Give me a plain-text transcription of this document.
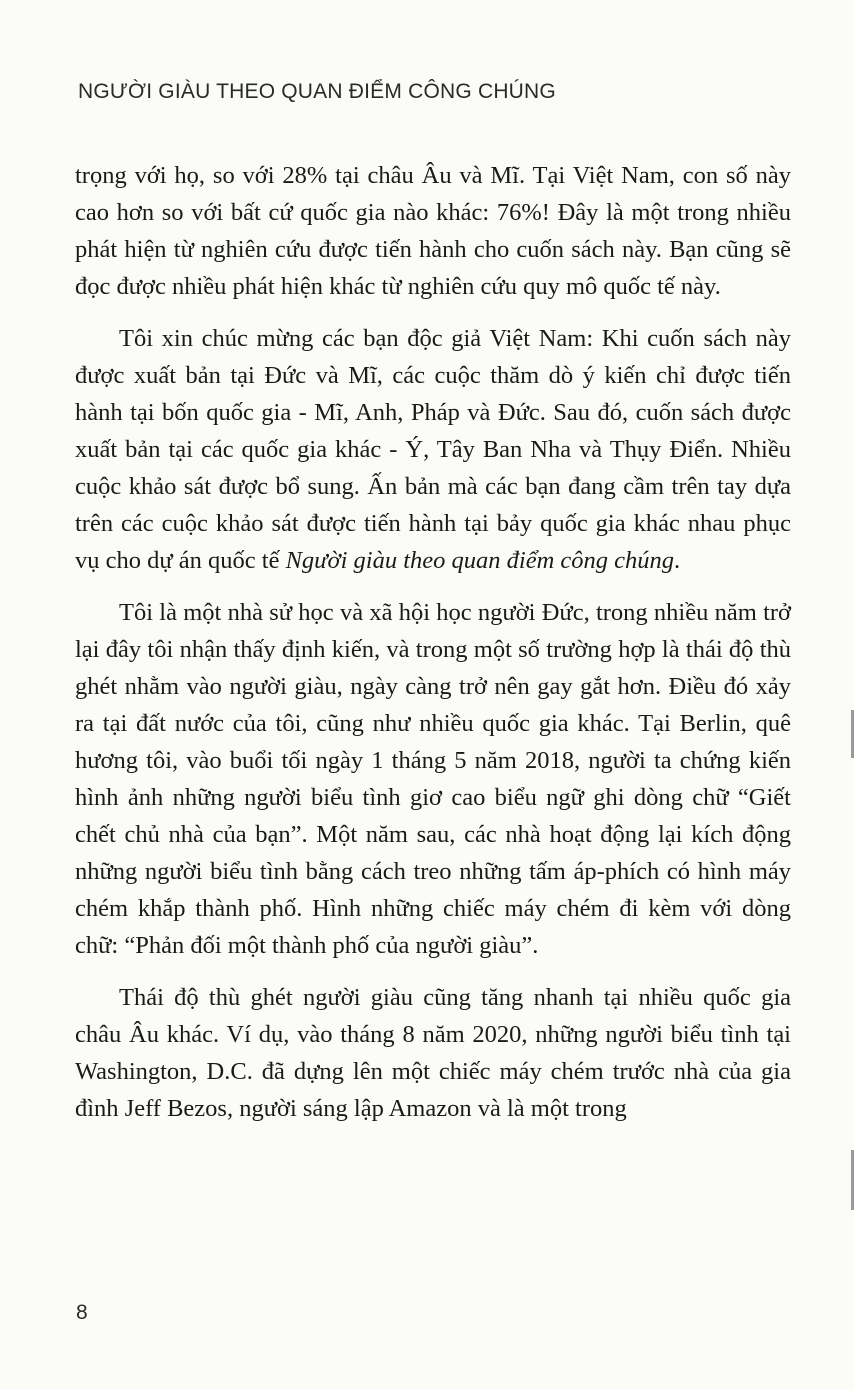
NGƯỜI GIÀU THEO QUAN ĐIỂM CÔNG CHÚNG

trọng với họ, so với 28% tại châu Âu và Mĩ. Tại Việt Nam, con số này cao hơn so với bất cứ quốc gia nào khác: 76%! Đây là một trong nhiều phát hiện từ nghiên cứu được tiến hành cho cuốn sách này. Bạn cũng sẽ đọc được nhiều phát hiện khác từ nghiên cứu quy mô quốc tế này.

Tôi xin chúc mừng các bạn độc giả Việt Nam: Khi cuốn sách này được xuất bản tại Đức và Mĩ, các cuộc thăm dò ý kiến chỉ được tiến hành tại bốn quốc gia - Mĩ, Anh, Pháp và Đức. Sau đó, cuốn sách được xuất bản tại các quốc gia khác - Ý, Tây Ban Nha và Thụy Điển. Nhiều cuộc khảo sát được bổ sung. Ấn bản mà các bạn đang cầm trên tay dựa trên các cuộc khảo sát được tiến hành tại bảy quốc gia khác nhau phục vụ cho dự án quốc tế Người giàu theo quan điểm công chúng.

Tôi là một nhà sử học và xã hội học người Đức, trong nhiều năm trở lại đây tôi nhận thấy định kiến, và trong một số trường hợp là thái độ thù ghét nhằm vào người giàu, ngày càng trở nên gay gắt hơn. Điều đó xảy ra tại đất nước của tôi, cũng như nhiều quốc gia khác. Tại Berlin, quê hương tôi, vào buổi tối ngày 1 tháng 5 năm 2018, người ta chứng kiến hình ảnh những người biểu tình giơ cao biểu ngữ ghi dòng chữ “Giết chết chủ nhà của bạn”. Một năm sau, các nhà hoạt động lại kích động những người biểu tình bằng cách treo những tấm áp-phích có hình máy chém khắp thành phố. Hình những chiếc máy chém đi kèm với dòng chữ: “Phản đối một thành phố của người giàu”.

Thái độ thù ghét người giàu cũng tăng nhanh tại nhiều quốc gia châu Âu khác. Ví dụ, vào tháng 8 năm 2020, những người biểu tình tại Washington, D.C. đã dựng lên một chiếc máy chém trước nhà của gia đình Jeff Bezos, người sáng lập Amazon và là một trong

8
